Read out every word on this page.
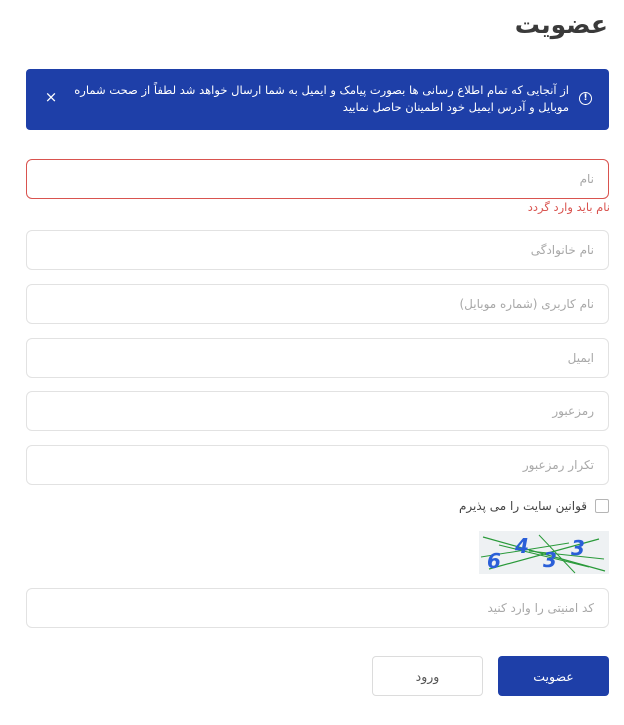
عضویت
!
از آنجایی که تمام اطلاع رسانی ها بصورت پیامک و ایمیل به شما ارسال خواهد شد لطفاً از صحت شماره موبایل و آدرس ایمیل خود اطمینان حاصل نمایید
×
نام
نام باید وارد گردد
نام خانوادگی
نام کاربری (شماره موبایل)
ایمیل
قوانین سایت را می پذیرم
6
4
3 3
کد امنیتی را وارد کنید
عضویت
ورود
